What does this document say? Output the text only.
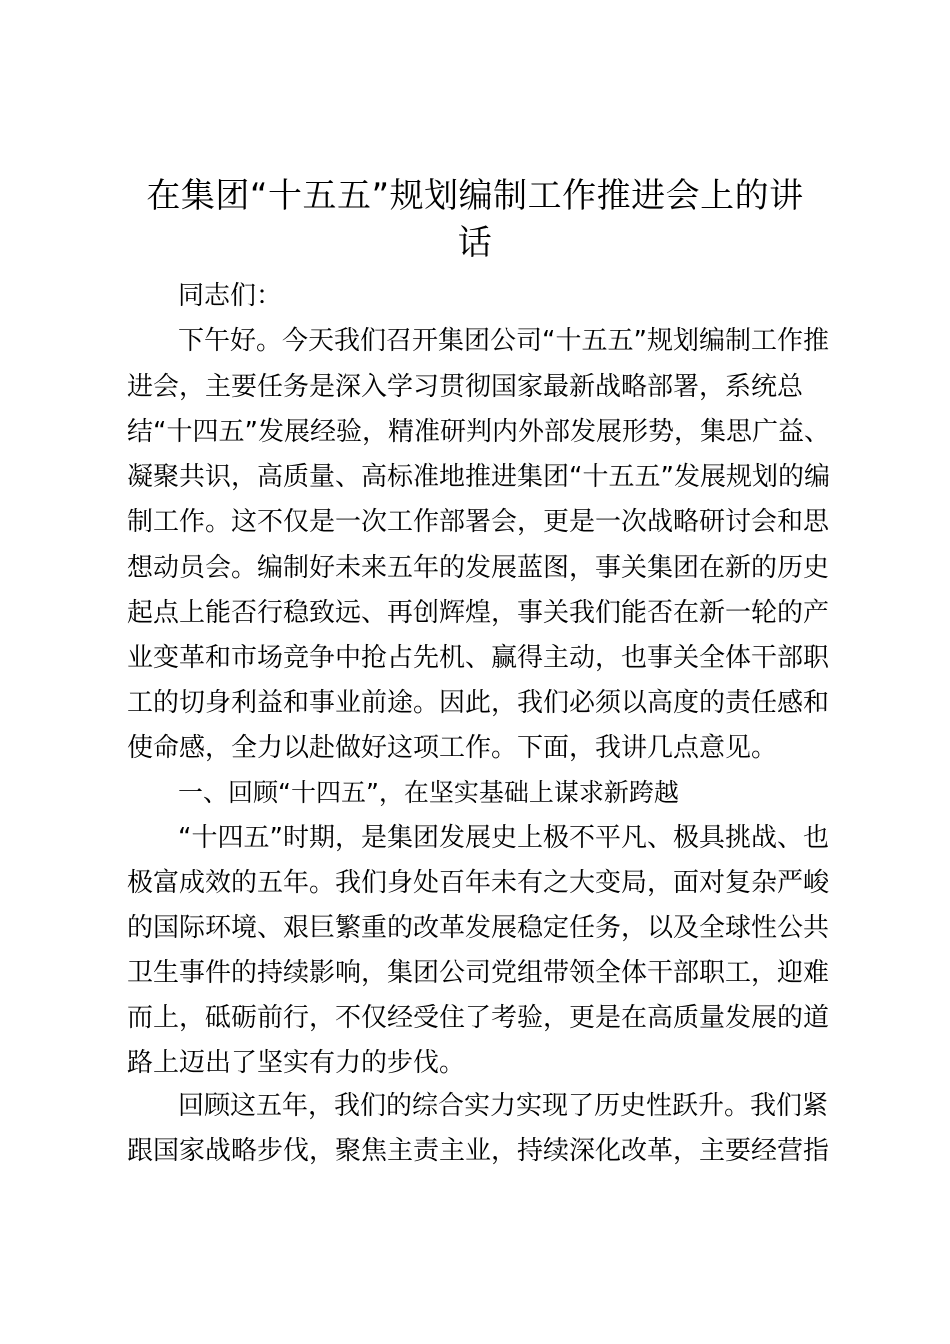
在集团“十五五”规划编制工作推进会上的讲
话

同志们：

下午好。今天我们召开集团公司“十五五”规划编制工作推

进会，主要任务是深入学习贯彻国家最新战略部署，系统总

结“十四五”发展经验，精准研判内外部发展形势，集思广益、

凝聚共识，高质量、高标准地推进集团“十五五”发展规划的编

制工作。这不仅是一次工作部署会，更是一次战略研讨会和思

想动员会。编制好未来五年的发展蓝图，事关集团在新的历史

起点上能否行稳致远、再创辉煌，事关我们能否在新一轮的产

业变革和市场竞争中抢占先机、赢得主动，也事关全体干部职

工的切身利益和事业前途。因此，我们必须以高度的责任感和

使命感，全力以赴做好这项工作。下面，我讲几点意见。

一、回顾“十四五”，在坚实基础上谋求新跨越

“十四五”时期，是集团发展史上极不平凡、极具挑战、也

极富成效的五年。我们身处百年未有之大变局，面对复杂严峻

的国际环境、艰巨繁重的改革发展稳定任务，以及全球性公共

卫生事件的持续影响，集团公司党组带领全体干部职工，迎难

而上，砥砺前行，不仅经受住了考验，更是在高质量发展的道

路上迈出了坚实有力的步伐。

回顾这五年，我们的综合实力实现了历史性跃升。我们紧

跟国家战略步伐，聚焦主责主业，持续深化改革，主要经营指
